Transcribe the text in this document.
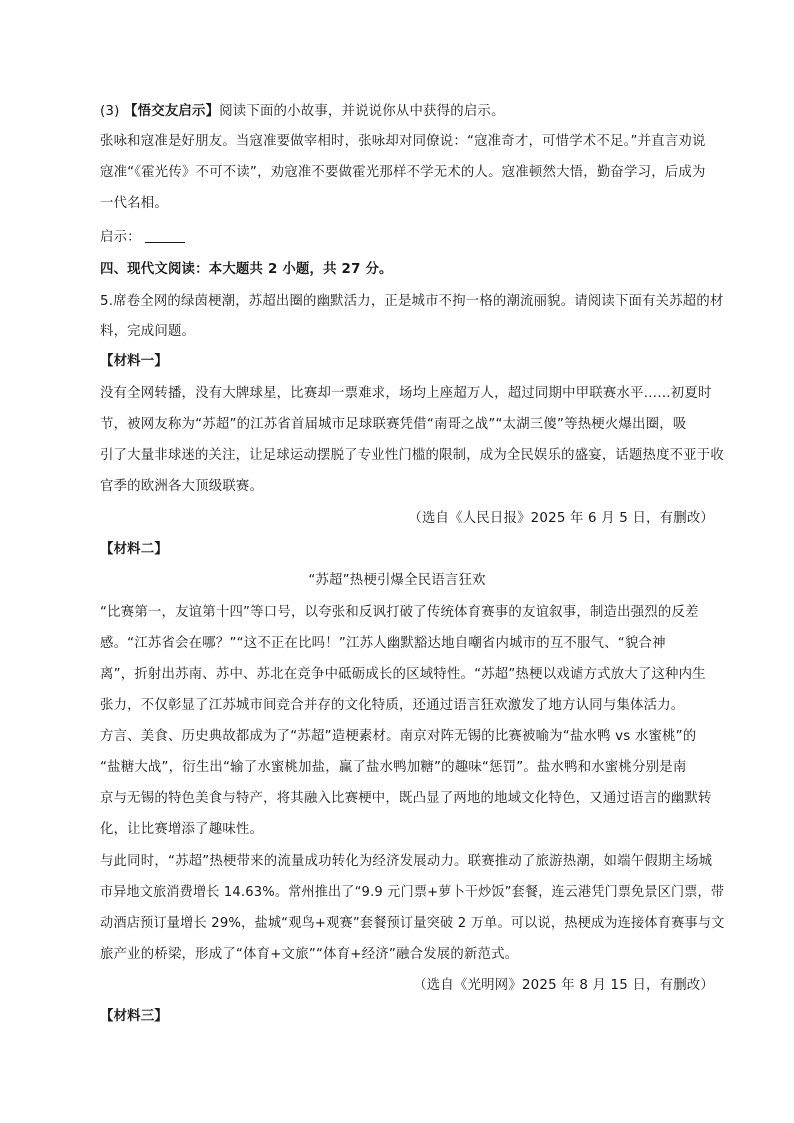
(3) 【悟交友启示】阅读下面的小故事，并说说你从中获得的启示。
张咏和寇准是好朋友。当寇准要做宰相时，张咏却对同僚说：“寇准奇才，可惜学术不足。”并直言劝说
寇准“《霍光传》不可不读”，劝寇准不要做霍光那样不学无术的人。寇准顿然大悟，勤奋学习，后成为
一代名相。
启示：
四、现代文阅读：本大题共 2 小题，共 27 分。
5.席卷全网的绿茵梗潮，苏超出圈的幽默活力，正是城市不拘一格的潮流丽貌。请阅读下面有关苏超的材
料，完成问题。
【材料一】
没有全网转播，没有大牌球星，比赛却一票难求，场均上座超万人，超过同期中甲联赛水平……初夏时
节，被网友称为“苏超”的江苏省首届城市足球联赛凭借“南哥之战”“太湖三傻”等热梗火爆出圈，吸
引了大量非球迷的关注，让足球运动摆脱了专业性门槛的限制，成为全民娱乐的盛宴，话题热度不亚于收
官季的欧洲各大顶级联赛。
（选自《人民日报》2025 年 6 月 5 日，有删改）
【材料二】
“苏超”热梗引爆全民语言狂欢
“比赛第一，友谊第十四”等口号，以夸张和反讽打破了传统体育赛事的友谊叙事，制造出强烈的反差
感。“江苏省会在哪？”“这不正在比吗！”江苏人幽默豁达地自嘲省内城市的互不服气、“貌合神
离”，折射出苏南、苏中、苏北在竞争中砥砺成长的区域特性。“苏超”热梗以戏谑方式放大了这种内生
张力，不仅彰显了江苏城市间竞合并存的文化特质，还通过语言狂欢激发了地方认同与集体活力。
方言、美食、历史典故都成为了“苏超”造梗素材。南京对阵无锡的比赛被喻为“盐水鸭 vs 水蜜桃”的
“盐糖大战”，衍生出“输了水蜜桃加盐，赢了盐水鸭加糖”的趣味“惩罚”。盐水鸭和水蜜桃分别是南
京与无锡的特色美食与特产，将其融入比赛梗中，既凸显了两地的地域文化特色，又通过语言的幽默转
化，让比赛增添了趣味性。
与此同时，“苏超”热梗带来的流量成功转化为经济发展动力。联赛推动了旅游热潮，如端午假期主场城
市异地文旅消费增长 14.63%。常州推出了“9.9 元门票+萝卜干炒饭”套餐，连云港凭门票免景区门票，带
动酒店预订量增长 29%，盐城“观鸟+观赛”套餐预订量突破 2 万单。可以说，热梗成为连接体育赛事与文
旅产业的桥梁，形成了“体育+文旅”“体育+经济”融合发展的新范式。
（选自《光明网》2025 年 8 月 15 日，有删改）
【材料三】
